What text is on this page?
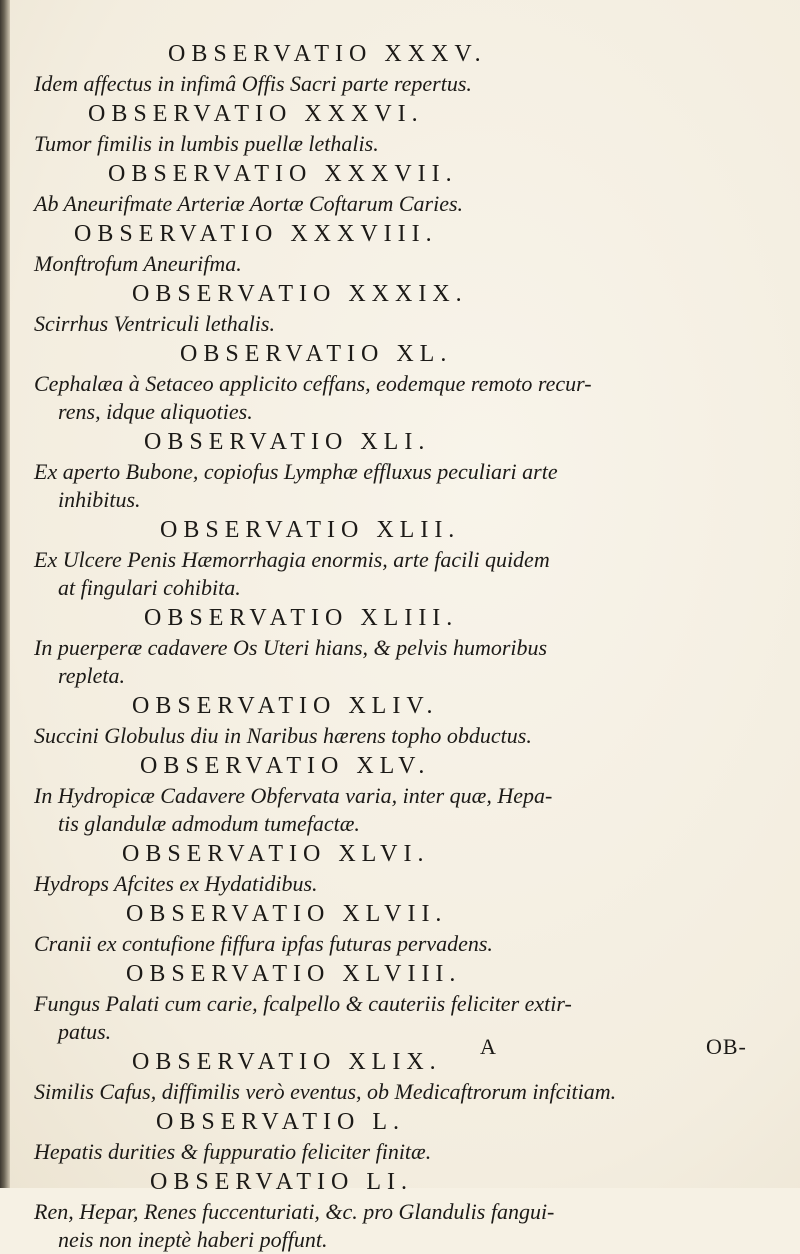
OBSERVATIO XXXV.
Idem affectus in infimâ Offis Sacri parte repertus.
OBSERVATIO XXXVI.
Tumor fimilis in lumbis puellæ lethalis.
OBSERVATIO XXXVII.
Ab Aneurifmate Arteriæ Aortæ Coftarum Caries.
OBSERVATIO XXXVIII.
Monftrofum Aneurifma.
OBSERVATIO XXXIX.
Scirrhus Ventriculi lethalis.
OBSERVATIO XL.
Cephalæa à Setaceo applicito ceffans, eodemque remoto recur-
rens, idque aliquoties.
OBSERVATIO XLI.
Ex aperto Bubone, copiofus Lymphæ effluxus peculiari arte
inhibitus.
OBSERVATIO XLII.
Ex Ulcere Penis Hæmorrhagia enormis, arte facili quidem
at fingulari cohibita.
OBSERVATIO XLIII.
In puerperæ cadavere Os Uteri hians, & pelvis humoribus
repleta.
OBSERVATIO XLIV.
Succini Globulus diu in Naribus hærens topho obductus.
OBSERVATIO XLV.
In Hydropicæ Cadavere Obfervata varia, inter quæ, Hepa-
tis glandulæ admodum tumefactæ.
OBSERVATIO XLVI.
Hydrops Afcites ex Hydatidibus.
OBSERVATIO XLVII.
Cranii ex contufione fiffura ipfas futuras pervadens.
OBSERVATIO XLVIII.
Fungus Palati cum carie, fcalpello & cauteriis feliciter extir-
patus.
OBSERVATIO XLIX.
Similis Cafus, diffimilis verò eventus, ob Medicaftrorum infcitiam.
OBSERVATIO L.
Hepatis durities & fuppuratio feliciter finitæ.
OBSERVATIO LI.
Ren, Hepar, Renes fuccenturiati, &c. pro Glandulis fangui-
neis non ineptè haberi poffunt.
A	OB-
